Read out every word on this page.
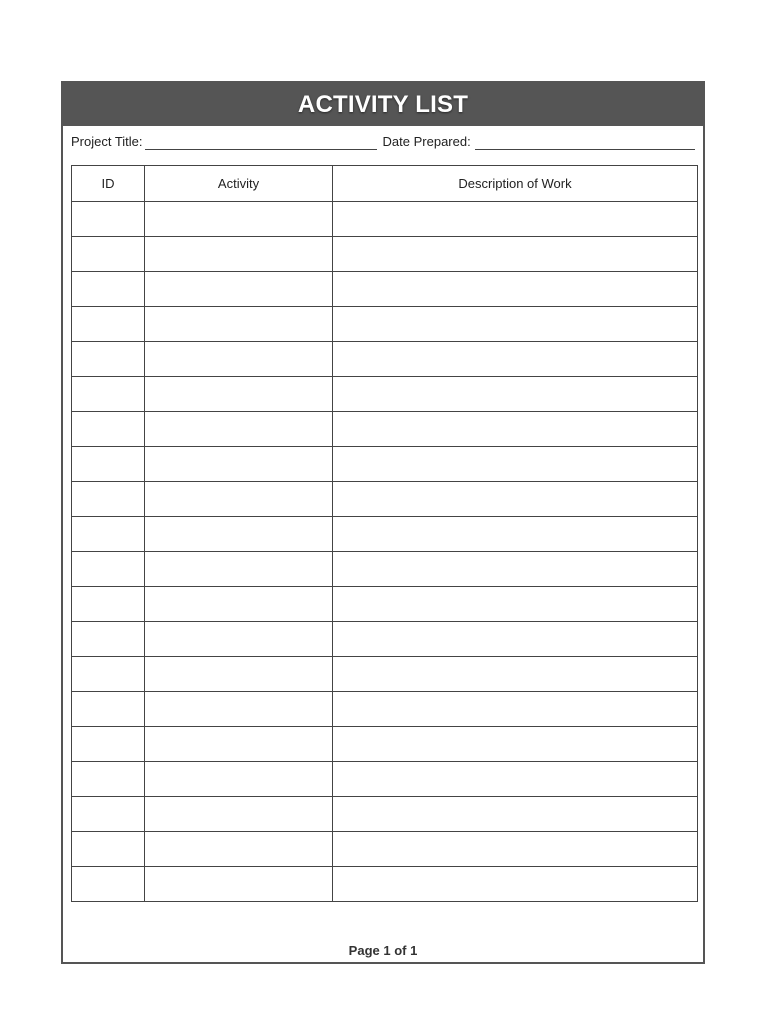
ACTIVITY LIST
Project Title:	Date Prepared:
ID	Activity	Description of Work

Page 1 of 1
